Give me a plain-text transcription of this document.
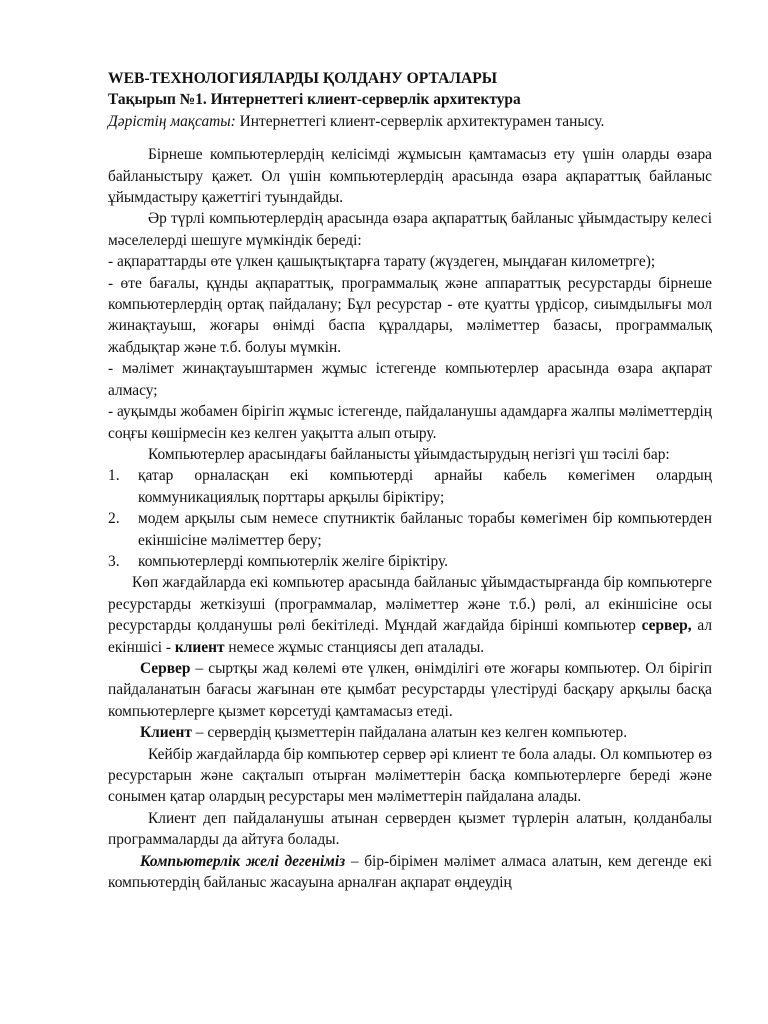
WEB-ТЕХНОЛОГИЯЛАРДЫ ҚОЛДАНУ ОРТАЛАРЫ

Тақырып №1. Интернеттегі клиент-серверлік архитектура

Дәрістің мақсаты: Интернеттегі клиент-серверлік архитектурамен танысу.

Бірнеше компьютерлердің келісімді жұмысын қамтамасыз ету үшін оларды өзара байланыстыру қажет. Ол үшін компьютерлердің арасында өзара ақпараттық байланыс ұйымдастыру қажеттігі туындайды.

Әр түрлі компьютерлердің арасында өзара ақпараттық байланыс ұйымдастыру келесі мәселелерді шешуге мүмкіндік береді:

- ақпараттарды өте үлкен қашықтықтарға тарату (жүздеген, мыңдаған километрге);

- өте бағалы, құнды ақпараттық, программалық және аппараттық ресурстарды бірнеше компьютерлердің ортақ пайдалану; Бұл ресурстар - өте қуатты үрдісор, сиымдылығы мол жинақтауыш, жоғары өнімді баспа құралдары, мәліметтер базасы, программалық жабдықтар және т.б. болуы мүмкін.

- мәлімет жинақтауыштармен жұмыс істегенде компьютерлер арасында өзара ақпарат алмасу;

- ауқымды жобамен бірігіп жұмыс істегенде, пайдаланушы адамдарға жалпы мәліметтердің соңғы көшірмесін кез келген уақытта алып отыру.

Компьютерлер арасындағы байланысты ұйымдастырудың негізгі үш тәсілі бар:

1.	қатар орналасқан екі компьютерді арнайы кабель көмегімен олардың коммуникациялық порттары арқылы біріктіру;
2.	модем арқылы сым немесе спутниктік байланыс торабы көмегімен бір компьютерден екіншісіне мәліметтер беру;
3.	компьютерлерді компьютерлік желіге біріктіру.

Көп жағдайларда екі компьютер арасында байланыс ұйымдастырғанда бір компьютерге ресурстарды жеткізуші (программалар, мәліметтер және т.б.) рөлі, ал екіншісіне осы ресурстарды қолданушы рөлі бекітіледі. Мұндай жағдайда бірінші компьютер сервер, ал екіншісі - клиент немесе жұмыс станциясы деп аталады.

Сервер – сыртқы жад көлемі өте үлкен, өнімділігі өте жоғары компьютер. Ол бірігіп пайдаланатын бағасы жағынан өте қымбат ресурстарды үлестіруді басқару арқылы басқа компьютерлерге қызмет көрсетуді қамтамасыз етеді.

Клиент – сервердің қызметтерін пайдалана алатын кез келген компьютер.

Кейбір жағдайларда бір компьютер сервер әрі клиент те бола алады. Ол компьютер өз ресурстарын және сақталып отырған мәліметтерін басқа компьютерлерге береді және сонымен қатар олардың ресурстары мен мәліметтерін пайдалана алады.

Клиент деп пайдаланушы атынан серверден қызмет түрлерін алатын, қолданбалы программаларды да айтуға болады.

Компьютерлік желі дегеніміз – бір-бірімен мәлімет алмаса алатын, кем дегенде екі компьютердің байланыс жасауына арналған ақпарат өңдеудің
